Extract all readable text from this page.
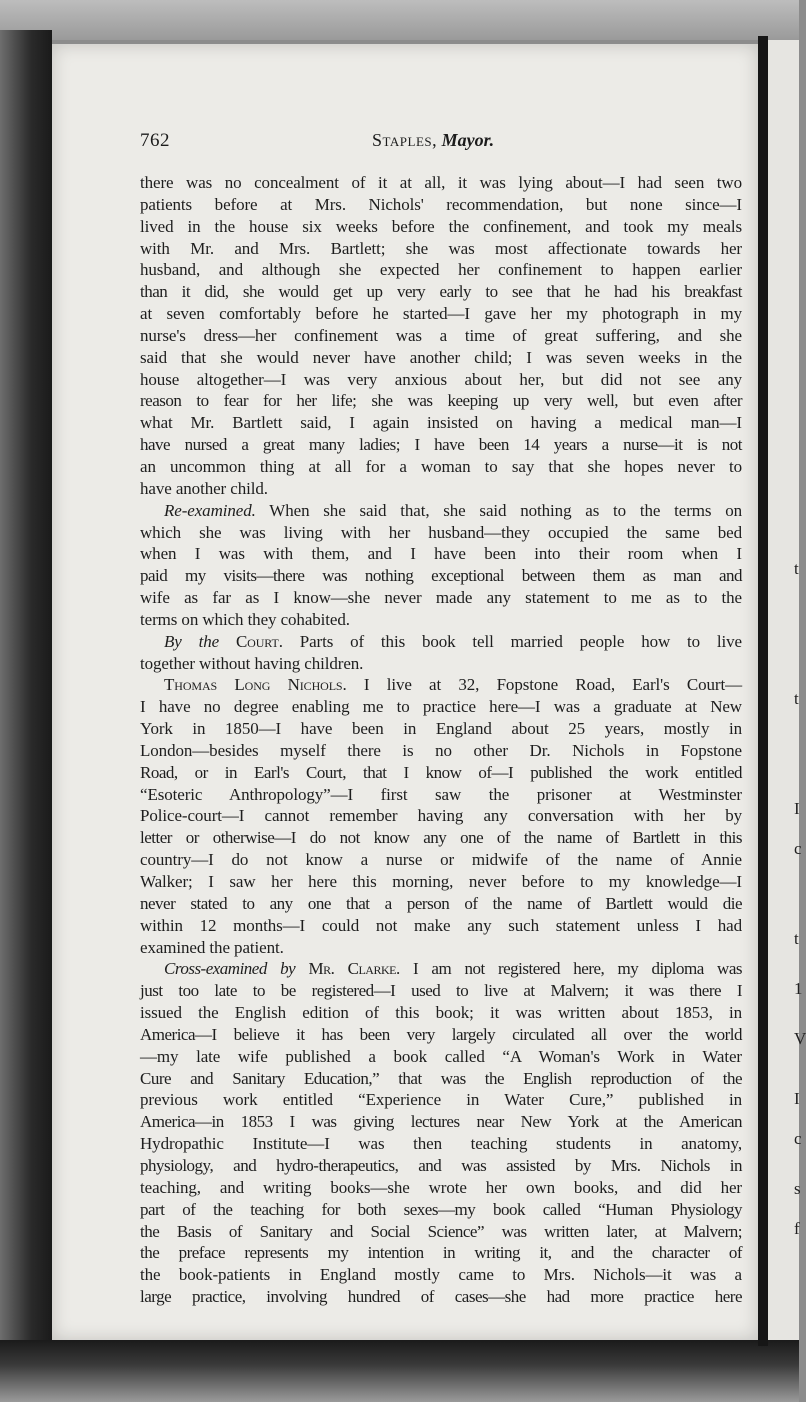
t
t
I
c
t
1
V
I
c
s
f
762	Staples, Mayor.
there was no concealment of it at all, it was lying about—I had seen two
patients before at Mrs. Nichols' recommendation, but none since—I
lived in the house six weeks before the confinement, and took my meals
with Mr. and Mrs. Bartlett; she was most affectionate towards her
husband, and although she expected her confinement to happen earlier
than it did, she would get up very early to see that he had his breakfast
at seven comfortably before he started—I gave her my photograph in my
nurse's dress—her confinement was a time of great suffering, and she
said that she would never have another child; I was seven weeks in the
house altogether—I was very anxious about her, but did not see any
reason to fear for her life; she was keeping up very well, but even after
what Mr. Bartlett said, I again insisted on having a medical man—I
have nursed a great many ladies; I have been 14 years a nurse—it is not
an uncommon thing at all for a woman to say that she hopes never to
have another child.
Re-examined. When she said that, she said nothing as to the terms on
which she was living with her husband—they occupied the same bed
when I was with them, and I have been into their room when I
paid my visits—there was nothing exceptional between them as man and
wife as far as I know—she never made any statement to me as to the
terms on which they cohabited.
By the Court. Parts of this book tell married people how to live
together without having children.
Thomas Long Nichols. I live at 32, Fopstone Road, Earl's Court—
I have no degree enabling me to practice here—I was a graduate at New
York in 1850—I have been in England about 25 years, mostly in
London—besides myself there is no other Dr. Nichols in Fopstone
Road, or in Earl's Court, that I know of—I published the work entitled
“Esoteric Anthropology”—I first saw the prisoner at Westminster
Police-court—I cannot remember having any conversation with her by
letter or otherwise—I do not know any one of the name of Bartlett in this
country—I do not know a nurse or midwife of the name of Annie
Walker; I saw her here this morning, never before to my knowledge—I
never stated to any one that a person of the name of Bartlett would die
within 12 months—I could not make any such statement unless I had
examined the patient.
Cross-examined by Mr. Clarke. I am not registered here, my diploma was
just too late to be registered—I used to live at Malvern; it was there I
issued the English edition of this book; it was written about 1853, in
America—I believe it has been very largely circulated all over the world
—my late wife published a book called “A Woman's Work in Water
Cure and Sanitary Education,” that was the English reproduction of the
previous work entitled “Experience in Water Cure,” published in
America—in 1853 I was giving lectures near New York at the American
Hydropathic Institute—I was then teaching students in anatomy,
physiology, and hydro-therapeutics, and was assisted by Mrs. Nichols in
teaching, and writing books—she wrote her own books, and did her
part of the teaching for both sexes—my book called “Human Physiology
the Basis of Sanitary and Social Science” was written later, at Malvern;
the preface represents my intention in writing it, and the character of
the book-patients in England mostly came to Mrs. Nichols—it was a
large practice, involving hundred of cases—she had more practice here
